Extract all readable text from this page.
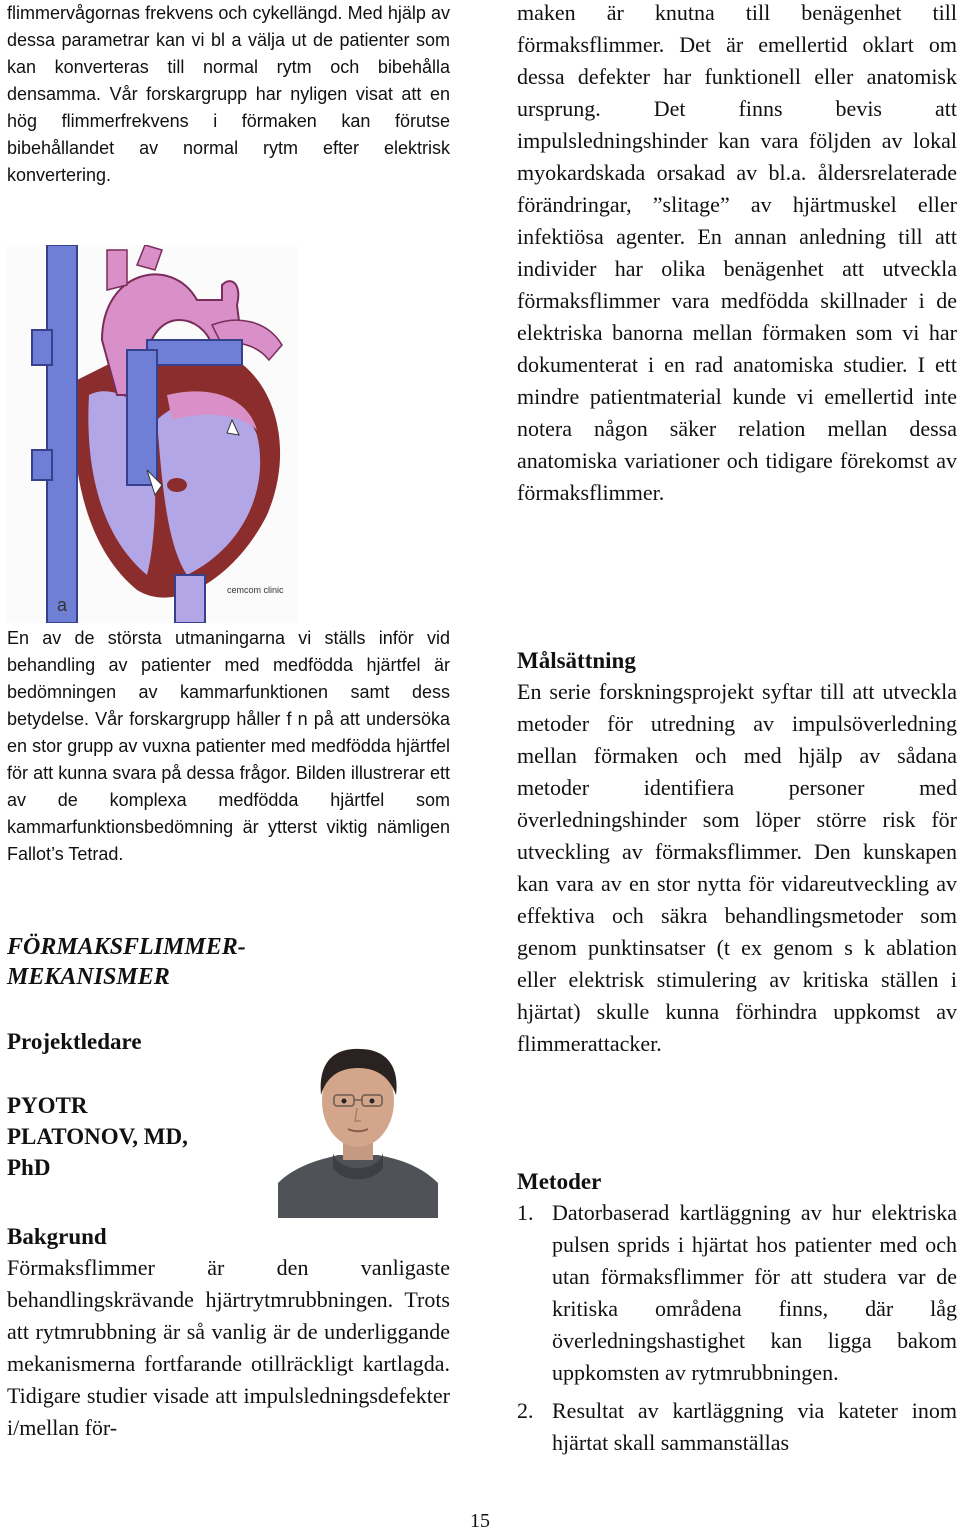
flimmervågornas frekvens och cykellängd. Med hjälp av dessa parametrar kan vi bl a välja ut de patienter som kan konverteras till normal rytm och bibehålla densamma. Vår forskargrupp har nyligen visat att en hög flimmerfrekvens i förmaken kan förutse bibehållandet av normal rytm efter elektrisk konvertering.

a
cemcom clinic

En av de största utmaningarna vi ställs inför vid behandling av patienter med medfödda hjärtfel är bedömningen av kammarfunktionen samt dess betydelse. Vår forskargrupp håller f n på att undersöka en stor grupp av vuxna patienter med medfödda hjärtfel för att kunna svara på dessa frågor. Bilden illustrerar ett av de komplexa medfödda hjärtfel som kammarfunktionsbedömning är ytterst viktig nämligen Fallot’s Tetrad.

FÖRMAKSFLIMMER-

MEKANISMER

Projektledare

PYOTR

PLATONOV, MD,

PhD

Bakgrund

Förmaksflimmer är den vanligaste behandlingskrävande hjärtrytmrubbningen. Trots att rytmrubbning är så vanlig är de underliggande mekanismerna fortfarande otillräckligt kartlagda. Tidigare studier visade att impulsledningsdefekter i/mellan för-

maken är knutna till benägenhet till förmaksflimmer. Det är emellertid oklart om dessa defekter har funktionell eller anatomisk ursprung. Det finns bevis att impulsledningshinder kan vara följden av lokal myokardskada orsakad av bl.a. åldersrelaterade förändringar, ”slitage” av hjärtmuskel eller infektiösa agenter. En annan anledning till att individer har olika benägenhet att utveckla förmaksflimmer vara medfödda skillnader i de elektriska banorna mellan förmaken som vi har dokumenterat i en rad anatomiska studier. I ett mindre patientmaterial kunde vi emellertid inte notera någon säker relation mellan dessa anatomiska variationer och tidigare förekomst av förmaksflimmer.

Målsättning

En serie forskningsprojekt syftar till att utveckla metoder för utredning av impulsöverledning mellan förmaken och med hjälp av sådana metoder identifiera personer med överledningshinder som löper större risk för utveckling av förmaksflimmer. Den kunskapen kan vara av en stor nytta för vidareutveckling av effektiva och säkra behandlingsmetoder som genom punktinsatser (t ex genom s k ablation eller elektrisk stimulering av kritiska ställen i hjärtat) skulle kunna förhindra uppkomst av flimmerattacker.

Metoder

1. Datorbaserad kartläggning av hur elektriska pulsen sprids i hjärtat hos patienter med och utan förmaksflimmer för att studera var de kritiska områdena finns, där låg överledningshastighet kan ligga bakom uppkomsten av rytmrubbningen.
2. Resultat av kartläggning via kateter inom hjärtat skall sammanställas
15
